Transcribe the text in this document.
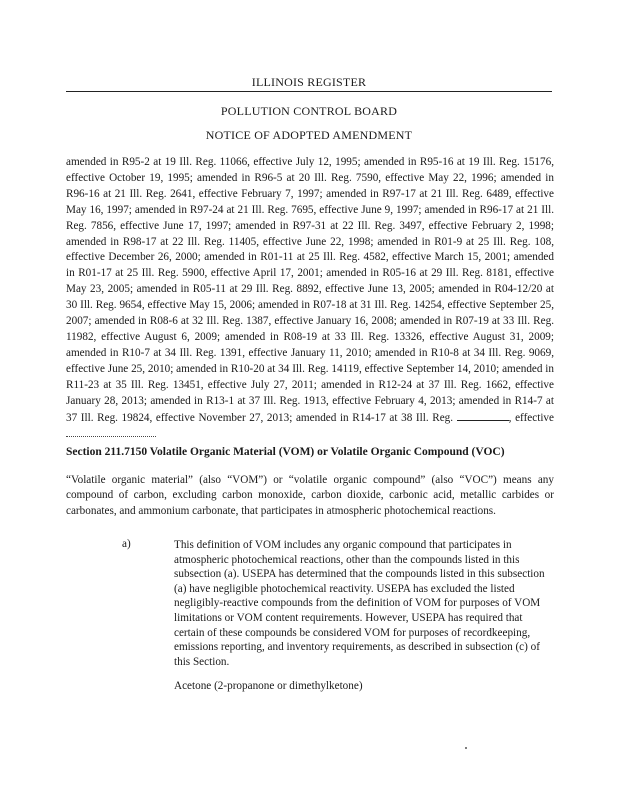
ILLINOIS REGISTER
POLLUTION CONTROL BOARD
NOTICE OF ADOPTED AMENDMENT

amended in R95-2 at 19 Ill. Reg. 11066, effective July 12, 1995; amended in R95-16 at 19 Ill. Reg. 15176, effective October 19, 1995; amended in R96-5 at 20 Ill. Reg. 7590, effective May 22, 1996; amended in R96-16 at 21 Ill. Reg. 2641, effective February 7, 1997; amended in R97-17 at 21 Ill. Reg. 6489, effective May 16, 1997; amended in R97-24 at 21 Ill. Reg. 7695, effective June 9, 1997; amended in R96-17 at 21 Ill. Reg. 7856, effective June 17, 1997; amended in R97-31 at 22 Ill. Reg. 3497, effective February 2, 1998; amended in R98-17 at 22 Ill. Reg. 11405, effective June 22, 1998; amended in R01-9 at 25 Ill. Reg. 108, effective December 26, 2000; amended in R01-11 at 25 Ill. Reg. 4582, effective March 15, 2001; amended in R01-17 at 25 Ill. Reg. 5900, effective April 17, 2001; amended in R05-16 at 29 Ill. Reg. 8181, effective May 23, 2005; amended in R05-11 at 29 Ill. Reg. 8892, effective June 13, 2005; amended in R04-12/20 at 30 Ill. Reg. 9654, effective May 15, 2006; amended in R07-18 at 31 Ill. Reg. 14254, effective September 25, 2007; amended in R08-6 at 32 Ill. Reg. 1387, effective January 16, 2008; amended in R07-19 at 33 Ill. Reg. 11982, effective August 6, 2009; amended in R08-19 at 33 Ill. Reg. 13326, effective August 31, 2009; amended in R10-7 at 34 Ill. Reg. 1391, effective January 11, 2010; amended in R10-8 at 34 Ill. Reg. 9069, effective June 25, 2010; amended in R10-20 at 34 Ill. Reg. 14119, effective September 14, 2010; amended in R11-23 at 35 Ill. Reg. 13451, effective July 27, 2011; amended in R12-24 at 37 Ill. Reg. 1662, effective January 28, 2013; amended in R13-1 at 37 Ill. Reg. 1913, effective February 4, 2013; amended in R14-7 at 37 Ill. Reg. 19824, effective November 27, 2013; amended in R14-17 at 38 Ill. Reg.	, effective

Section 211.7150 Volatile Organic Material (VOM) or Volatile Organic Compound (VOC)

“Volatile organic material” (also “VOM”) or “volatile organic compound” (also “VOC”) means any compound of carbon, excluding carbon monoxide, carbon dioxide, carbonic acid, metallic carbides or carbonates, and ammonium carbonate, that participates in atmospheric photochemical reactions.

a)	This definition of VOM includes any organic compound that participates in atmospheric photochemical reactions, other than the compounds listed in this subsection (a). USEPA has determined that the compounds listed in this subsection (a) have negligible photochemical reactivity. USEPA has excluded the listed negligibly-reactive compounds from the definition of VOM for purposes of VOM limitations or VOM content requirements. However, USEPA has required that certain of these compounds be considered VOM for purposes of recordkeeping, emissions reporting, and inventory requirements, as described in subsection (c) of this Section.

Acetone (2-propanone or dimethylketone)
